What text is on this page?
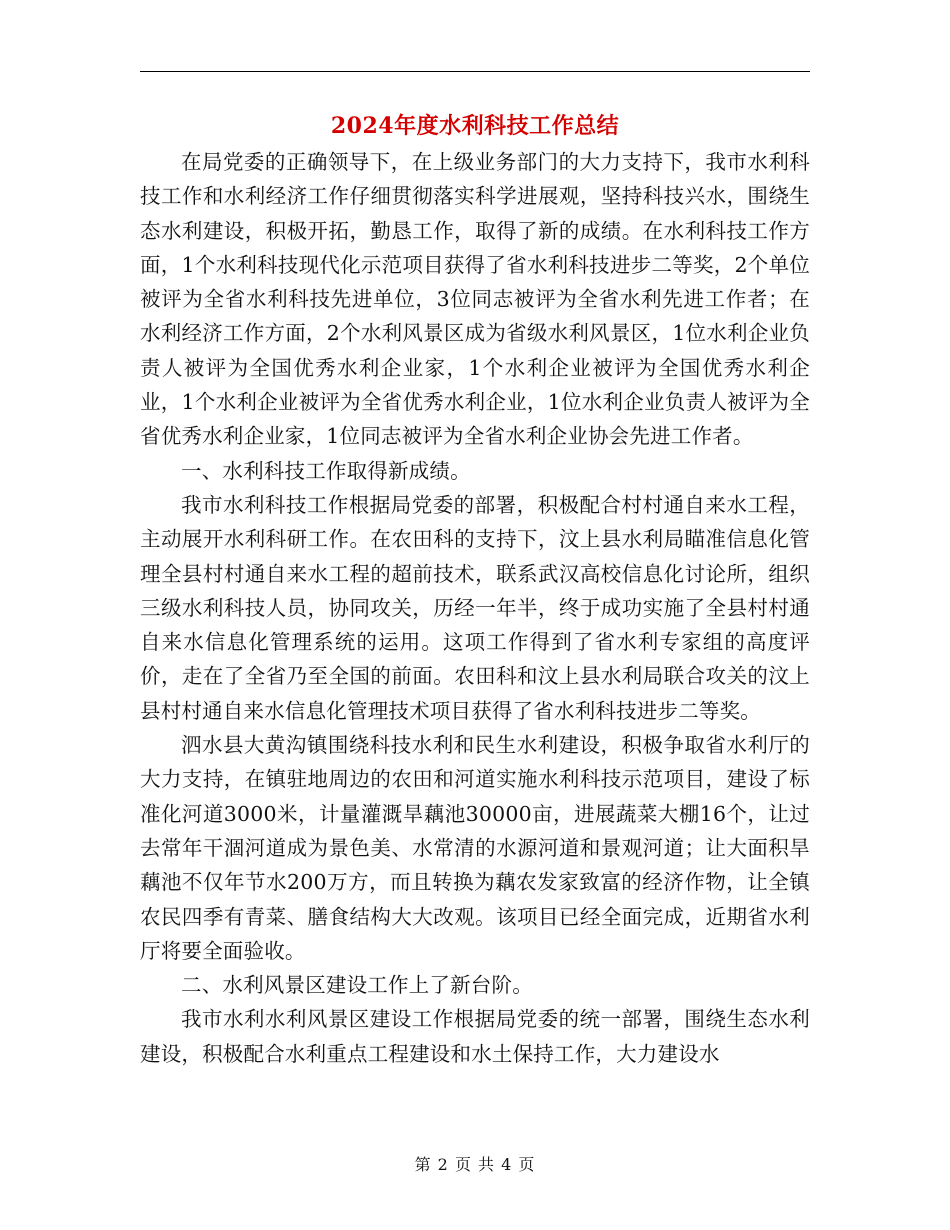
2024年度水利科技工作总结

在局党委的正确领导下，在上级业务部门的大力支持下，我市水利科技工作和水利经济工作仔细贯彻落实科学进展观，坚持科技兴水，围绕生态水利建设，积极开拓，勤恳工作，取得了新的成绩。在水利科技工作方面，1个水利科技现代化示范项目获得了省水利科技进步二等奖，2个单位被评为全省水利科技先进单位，3位同志被评为全省水利先进工作者；在水利经济工作方面，2个水利风景区成为省级水利风景区，1位水利企业负责人被评为全国优秀水利企业家，1个水利企业被评为全国优秀水利企业，1个水利企业被评为全省优秀水利企业，1位水利企业负责人被评为全省优秀水利企业家，1位同志被评为全省水利企业协会先进工作者。

一、水利科技工作取得新成绩。

我市水利科技工作根据局党委的部署，积极配合村村通自来水工程，主动展开水利科研工作。在农田科的支持下，汶上县水利局瞄准信息化管理全县村村通自来水工程的超前技术，联系武汉高校信息化讨论所，组织三级水利科技人员，协同攻关，历经一年半，终于成功实施了全县村村通自来水信息化管理系统的运用。这项工作得到了省水利专家组的高度评价，走在了全省乃至全国的前面。农田科和汶上县水利局联合攻关的汶上县村村通自来水信息化管理技术项目获得了省水利科技进步二等奖。

泗水县大黄沟镇围绕科技水利和民生水利建设，积极争取省水利厅的大力支持，在镇驻地周边的农田和河道实施水利科技示范项目，建设了标准化河道3000米，计量灌溉旱藕池30000亩，进展蔬菜大棚16个，让过去常年干涸河道成为景色美、水常清的水源河道和景观河道；让大面积旱藕池不仅年节水200万方，而且转换为藕农发家致富的经济作物，让全镇农民四季有青菜、膳食结构大大改观。该项目已经全面完成，近期省水利厅将要全面验收。

二、水利风景区建设工作上了新台阶。

我市水利水利风景区建设工作根据局党委的统一部署，围绕生态水利建设，积极配合水利重点工程建设和水土保持工作，大力建设水

第 2 页 共 4 页
